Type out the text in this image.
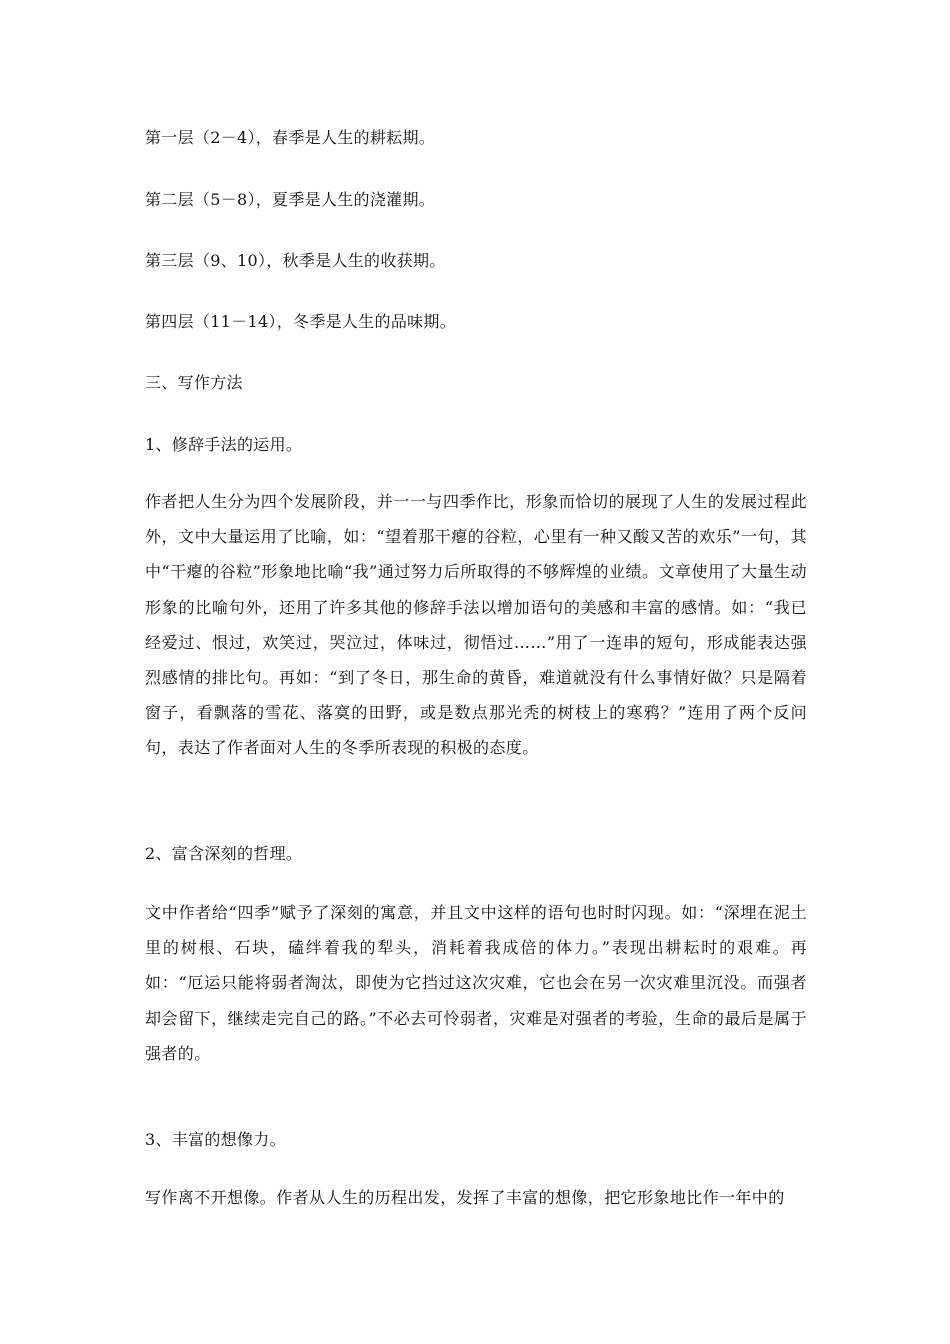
第一层（2－4），春季是人生的耕耘期。
第二层（5－8），夏季是人生的浇灌期。
第三层（9、10），秋季是人生的收获期。
第四层（11－14），冬季是人生的品味期。
三、写作方法
1、修辞手法的运用。
作者把人生分为四个发展阶段，并一一与四季作比，形象而恰切的展现了人生的发展过程此外，文中大量运用了比喻，如：“望着那干瘪的谷粒，心里有一种又酸又苦的欢乐”一句，其中“干瘪的谷粒”形象地比喻“我”通过努力后所取得的不够辉煌的业绩。文章使用了大量生动形象的比喻句外，还用了许多其他的修辞手法以增加语句的美感和丰富的感情。如：“我已经爱过、恨过，欢笑过，哭泣过，体味过，彻悟过……”用了一连串的短句，形成能表达强烈感情的排比句。再如：“到了冬日，那生命的黄昏，难道就没有什么事情好做？只是隔着窗子，看飘落的雪花、落寞的田野，或是数点那光秃的树枝上的寒鸦？”连用了两个反问句，表达了作者面对人生的冬季所表现的积极的态度。
2、富含深刻的哲理。
文中作者给“四季”赋予了深刻的寓意，并且文中这样的语句也时时闪现。如：“深埋在泥土里的树根、石块，磕绊着我的犁头，消耗着我成倍的体力。”表现出耕耘时的艰难。再如：“厄运只能将弱者淘汰，即使为它挡过这次灾难，它也会在另一次灾难里沉没。而强者却会留下，继续走完自己的路。”不必去可怜弱者，灾难是对强者的考验，生命的最后是属于强者的。
3、丰富的想像力。
写作离不开想像。作者从人生的历程出发，发挥了丰富的想像，把它形象地比作一年中的
